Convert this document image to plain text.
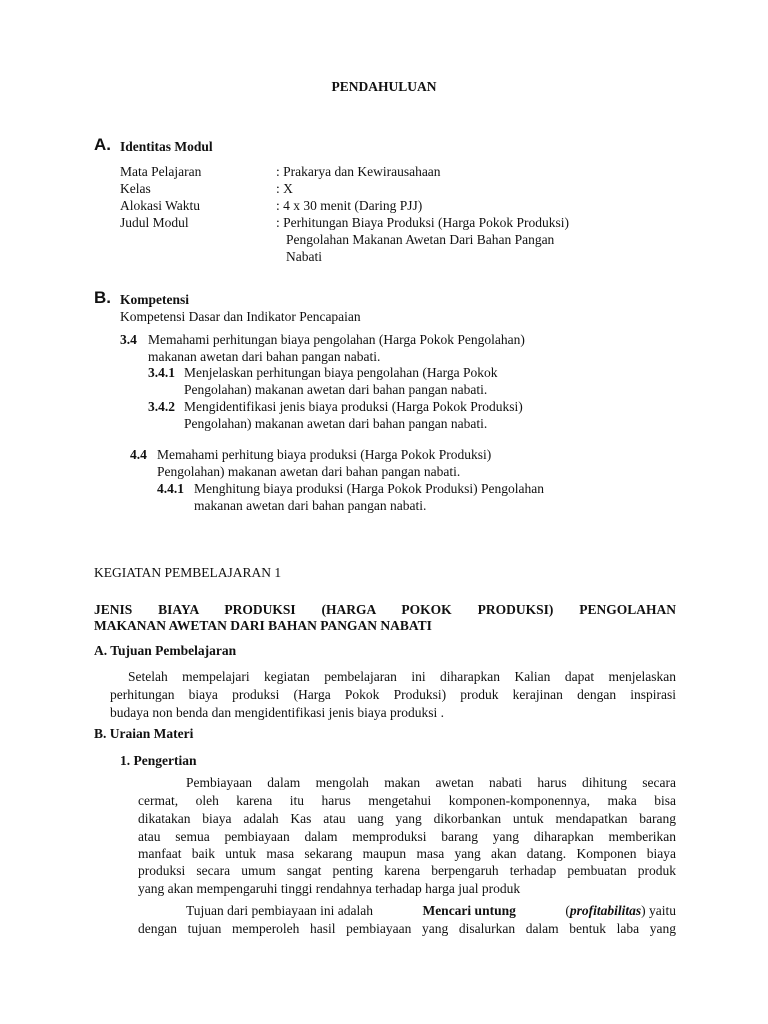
PENDAHULUAN
A. Identitas Modul
Mata Pelajaran	: Prakarya dan Kewirausahaan
Kelas	: X
Alokasi Waktu	: 4 x 30 menit (Daring PJJ)
Judul Modul	: Perhitungan Biaya Produksi (Harga Pokok Produksi)
Pengolahan Makanan Awetan Dari Bahan Pangan
Nabati
B. Kompetensi
Kompetensi Dasar dan Indikator Pencapaian
3.4 Memahami perhitungan biaya pengolahan (Harga Pokok Pengolahan)
makanan awetan dari bahan pangan nabati.
3.4.1 Menjelaskan perhitungan biaya pengolahan (Harga Pokok
Pengolahan) makanan awetan dari bahan pangan nabati.
3.4.2 Mengidentifikasi jenis biaya produksi (Harga Pokok Produksi)
Pengolahan) makanan awetan dari bahan pangan nabati.
4.4 Memahami perhitung biaya produksi (Harga Pokok Produksi)
Pengolahan) makanan awetan dari bahan pangan nabati.
4.4.1 Menghitung biaya produksi (Harga Pokok Produksi) Pengolahan
makanan awetan dari bahan pangan nabati.
KEGIATAN PEMBELAJARAN 1
JENIS BIAYA PRODUKSI (HARGA POKOK PRODUKSI) PENGOLAHAN
MAKANAN AWETAN DARI BAHAN PANGAN NABATI
A. Tujuan Pembelajaran
Setelah mempelajari kegiatan pembelajaran ini diharapkan Kalian dapat menjelaskan
perhitungan biaya produksi (Harga Pokok Produksi) produk kerajinan dengan inspirasi
budaya non benda dan mengidentifikasi jenis biaya produksi .
B. Uraian Materi
1. Pengertian
Pembiayaan dalam mengolah makan awetan nabati harus dihitung secara
cermat, oleh karena itu harus mengetahui komponen-komponennya, maka bisa
dikatakan biaya adalah Kas atau uang yang dikorbankan untuk mendapatkan barang
atau semua pembiayaan dalam memproduksi barang yang diharapkan memberikan
manfaat baik untuk masa sekarang maupun masa yang akan datang. Komponen biaya
produksi secara umum sangat penting karena berpengaruh terhadap pembuatan produk
yang akan mempengaruhi tinggi rendahnya terhadap harga jual produk
Tujuan dari pembiayaan ini adalah	Mencari untung	(profitabilitas) yaitu
dengan tujuan memperoleh hasil pembiayaan yang disalurkan dalam bentuk laba yang
